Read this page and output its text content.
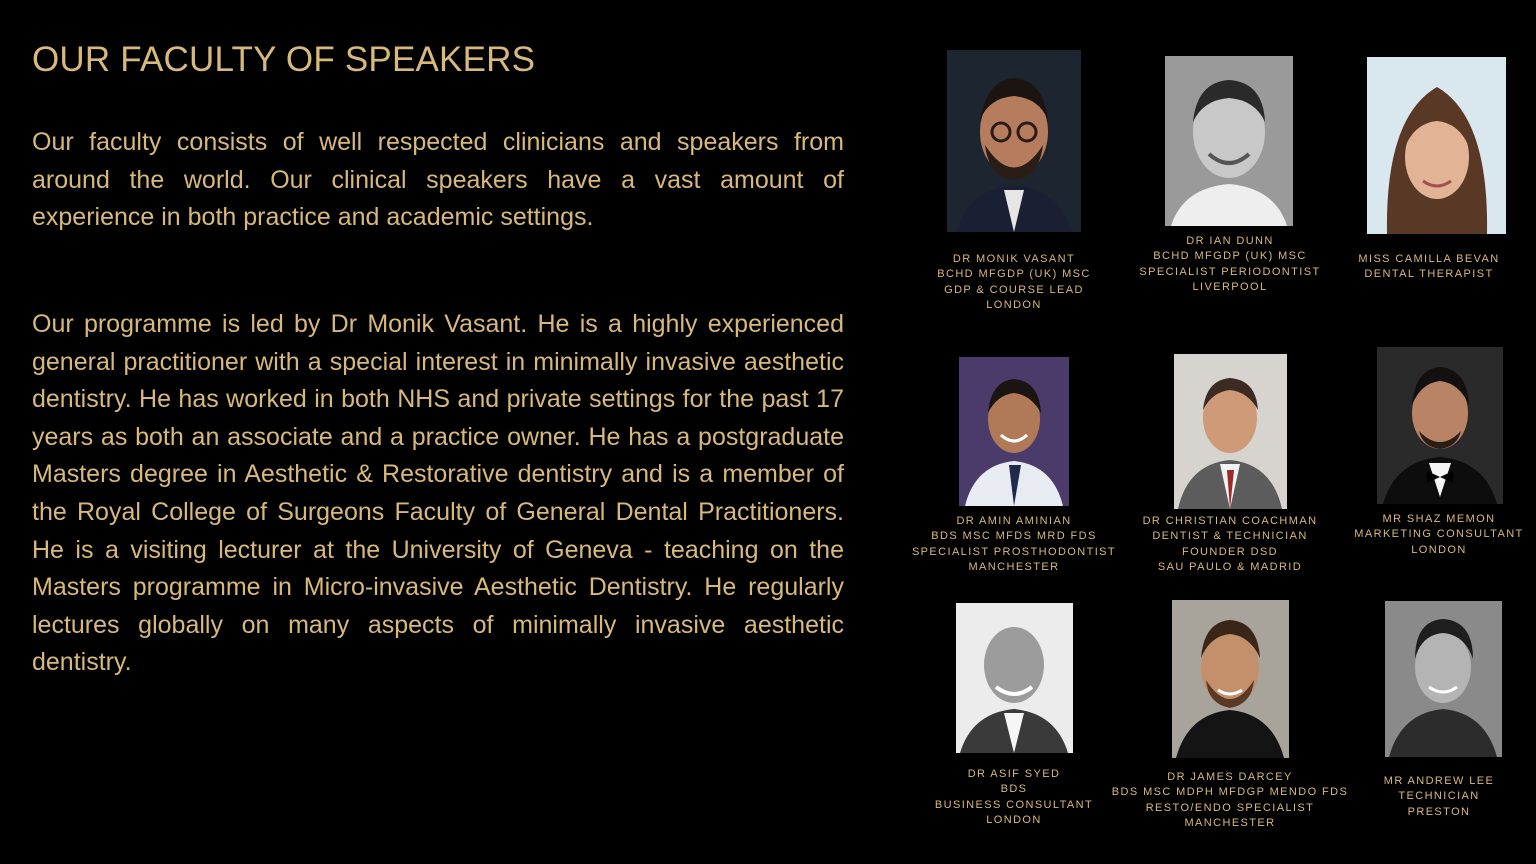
OUR FACULTY OF SPEAKERS
Our faculty consists of well respected clinicians and speakers from around the world. Our clinical speakers have a vast amount of experience in both practice and academic settings.
Our programme is led by Dr Monik Vasant. He is a highly experienced general practitioner with a special interest in minimally invasive aesthetic dentistry. He has worked in both NHS and private settings for the past 17 years as both an associate and a practice owner. He has a postgraduate Masters degree in Aesthetic & Restorative dentistry and is a member of the Royal College of Surgeons Faculty of General Dental Practitioners. He is a visiting lecturer at the University of Geneva - teaching on the Masters programme in Micro-invasive Aesthetic Dentistry. He regularly lectures globally on many aspects of minimally invasive aesthetic dentistry.
DR MONIK VASANT
BCHD MFGDP (UK) MSC
GDP & COURSE LEAD
LONDON
DR IAN DUNN
BCHD MFGDP (UK) MSC
SPECIALIST PERIODONTIST
LIVERPOOL
MISS CAMILLA BEVAN
DENTAL THERAPIST
DR AMIN AMINIAN
BDS MSC MFDS MRD FDS
SPECIALIST PROSTHODONTIST
MANCHESTER
DR CHRISTIAN COACHMAN
DENTIST & TECHNICIAN
FOUNDER DSD
SAU PAULO & MADRID
MR SHAZ MEMON
MARKETING CONSULTANT
LONDON
DR ASIF SYED
BDS
BUSINESS CONSULTANT
LONDON
DR JAMES DARCEY
BDS MSC MDPH MFDGP MENDO FDS
RESTO/ENDO SPECIALIST
MANCHESTER
MR ANDREW LEE
TECHNICIAN
PRESTON
